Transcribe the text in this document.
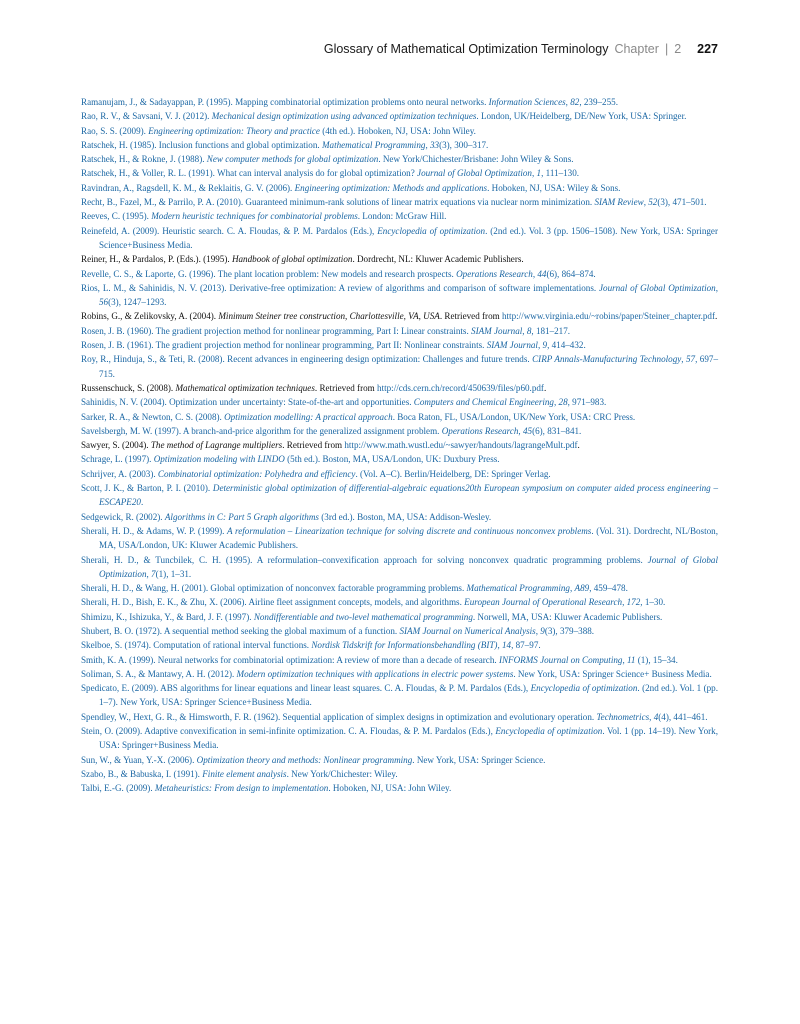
Glossary of Mathematical Optimization Terminology Chapter | 2 227
Ramanujam, J., & Sadayappan, P. (1995). Mapping combinatorial optimization problems onto neural networks. Information Sciences, 82, 239–255.
Rao, R. V., & Savsani, V. J. (2012). Mechanical design optimization using advanced optimization techniques. London, UK/Heidelberg, DE/New York, USA: Springer.
Rao, S. S. (2009). Engineering optimization: Theory and practice (4th ed.). Hoboken, NJ, USA: John Wiley.
Ratschek, H. (1985). Inclusion functions and global optimization. Mathematical Programming, 33(3), 300–317.
Ratschek, H., & Rokne, J. (1988). New computer methods for global optimization. New York/Chichester/Brisbane: John Wiley & Sons.
Ratschek, H., & Voller, R. L. (1991). What can interval analysis do for global optimization? Journal of Global Optimization, 1, 111–130.
Ravindran, A., Ragsdell, K. M., & Reklaitis, G. V. (2006). Engineering optimization: Methods and applications. Hoboken, NJ, USA: Wiley & Sons.
Recht, B., Fazel, M., & Parrilo, P. A. (2010). Guaranteed minimum-rank solutions of linear matrix equations via nuclear norm minimization. SIAM Review, 52(3), 471–501.
Reeves, C. (1995). Modern heuristic techniques for combinatorial problems. London: McGraw Hill.
Reinefeld, A. (2009). Heuristic search. C. A. Floudas, & P. M. Pardalos (Eds.), Encyclopedia of optimization. (2nd ed.). Vol. 3 (pp. 1506–1508). New York, USA: Springer Science+Business Media.
Reiner, H., & Pardalos, P. (Eds.). (1995). Handbook of global optimization. Dordrecht, NL: Kluwer Academic Publishers.
Revelle, C. S., & Laporte, G. (1996). The plant location problem: New models and research prospects. Operations Research, 44(6), 864–874.
Rios, L. M., & Sahinidis, N. V. (2013). Derivative-free optimization: A review of algorithms and comparison of software implementations. Journal of Global Optimization, 56(3), 1247–1293.
Robins, G., & Zelikovsky, A. (2004). Minimum Steiner tree construction, Charlottesville, VA, USA. Retrieved from http://www.virginia.edu/~robins/paper/Steiner_chapter.pdf.
Rosen, J. B. (1960). The gradient projection method for nonlinear programming, Part I: Linear constraints. SIAM Journal, 8, 181–217.
Rosen, J. B. (1961). The gradient projection method for nonlinear programming, Part II: Nonlinear constraints. SIAM Journal, 9, 414–432.
Roy, R., Hinduja, S., & Teti, R. (2008). Recent advances in engineering design optimization: Challenges and future trends. CIRP Annals-Manufacturing Technology, 57, 697–715.
Russenschuck, S. (2008). Mathematical optimization techniques. Retrieved from http://cds.cern.ch/record/450639/files/p60.pdf.
Sahinidis, N. V. (2004). Optimization under uncertainty: State-of-the-art and opportunities. Computers and Chemical Engineering, 28, 971–983.
Sarker, R. A., & Newton, C. S. (2008). Optimization modelling: A practical approach. Boca Raton, FL, USA/London, UK/New York, USA: CRC Press.
Savelsbergh, M. W. (1997). A branch-and-price algorithm for the generalized assignment problem. Operations Research, 45(6), 831–841.
Sawyer, S. (2004). The method of Lagrange multipliers. Retrieved from http://www.math.wustl.edu/~sawyer/handouts/lagrangeMult.pdf.
Schrage, L. (1997). Optimization modeling with LINDO (5th ed.). Boston, MA, USA/London, UK: Duxbury Press.
Schrijver, A. (2003). Combinatorial optimization: Polyhedra and efficiency. (Vol. A–C). Berlin/Heidelberg, DE: Springer Verlag.
Scott, J. K., & Barton, P. I. (2010). Deterministic global optimization of differential-algebraic equations20th European symposium on computer aided process engineering – ESCAPE20.
Sedgewick, R. (2002). Algorithms in C: Part 5 Graph algorithms (3rd ed.). Boston, MA, USA: Addison-Wesley.
Sherali, H. D., & Adams, W. P. (1999). A reformulation – Linearization technique for solving discrete and continuous nonconvex problems. (Vol. 31). Dordrecht, NL/Boston, MA, USA/London, UK: Kluwer Academic Publishers.
Sherali, H. D., & Tuncbilek, C. H. (1995). A reformulation–convexification approach for solving nonconvex quadratic programming problems. Journal of Global Optimization, 7(1), 1–31.
Sherali, H. D., & Wang, H. (2001). Global optimization of nonconvex factorable programming problems. Mathematical Programming, A89, 459–478.
Sherali, H. D., Bish, E. K., & Zhu, X. (2006). Airline fleet assignment concepts, models, and algorithms. European Journal of Operational Research, 172, 1–30.
Shimizu, K., Ishizuka, Y., & Bard, J. F. (1997). Nondifferentiable and two-level mathematical programming. Norwell, MA, USA: Kluwer Academic Publishers.
Shubert, B. O. (1972). A sequential method seeking the global maximum of a function. SIAM Journal on Numerical Analysis, 9(3), 379–388.
Skelboe, S. (1974). Computation of rational interval functions. Nordisk Tidskrift for Informationsbehandling (BIT), 14, 87–97.
Smith, K. A. (1999). Neural networks for combinatorial optimization: A review of more than a decade of research. INFORMS Journal on Computing, 11 (1), 15–34.
Soliman, S. A., & Mantawy, A. H. (2012). Modern optimization techniques with applications in electric power systems. New York, USA: Springer Science+ Business Media.
Spedicato, E. (2009). ABS algorithms for linear equations and linear least squares. C. A. Floudas, & P. M. Pardalos (Eds.), Encyclopedia of optimization. (2nd ed.). Vol. 1 (pp. 1–7). New York, USA: Springer Science+Business Media.
Spendley, W., Hext, G. R., & Himsworth, F. R. (1962). Sequential application of simplex designs in optimization and evolutionary operation. Technometrics, 4(4), 441–461.
Stein, O. (2009). Adaptive convexification in semi-infinite optimization. C. A. Floudas, & P. M. Pardalos (Eds.), Encyclopedia of optimization. Vol. 1 (pp. 14–19). New York, USA: Springer+Business Media.
Sun, W., & Yuan, Y.-X. (2006). Optimization theory and methods: Nonlinear programming. New York, USA: Springer Science.
Szabo, B., & Babuska, I. (1991). Finite element analysis. New York/Chichester: Wiley.
Talbi, E.-G. (2009). Metaheuristics: From design to implementation. Hoboken, NJ, USA: John Wiley.
